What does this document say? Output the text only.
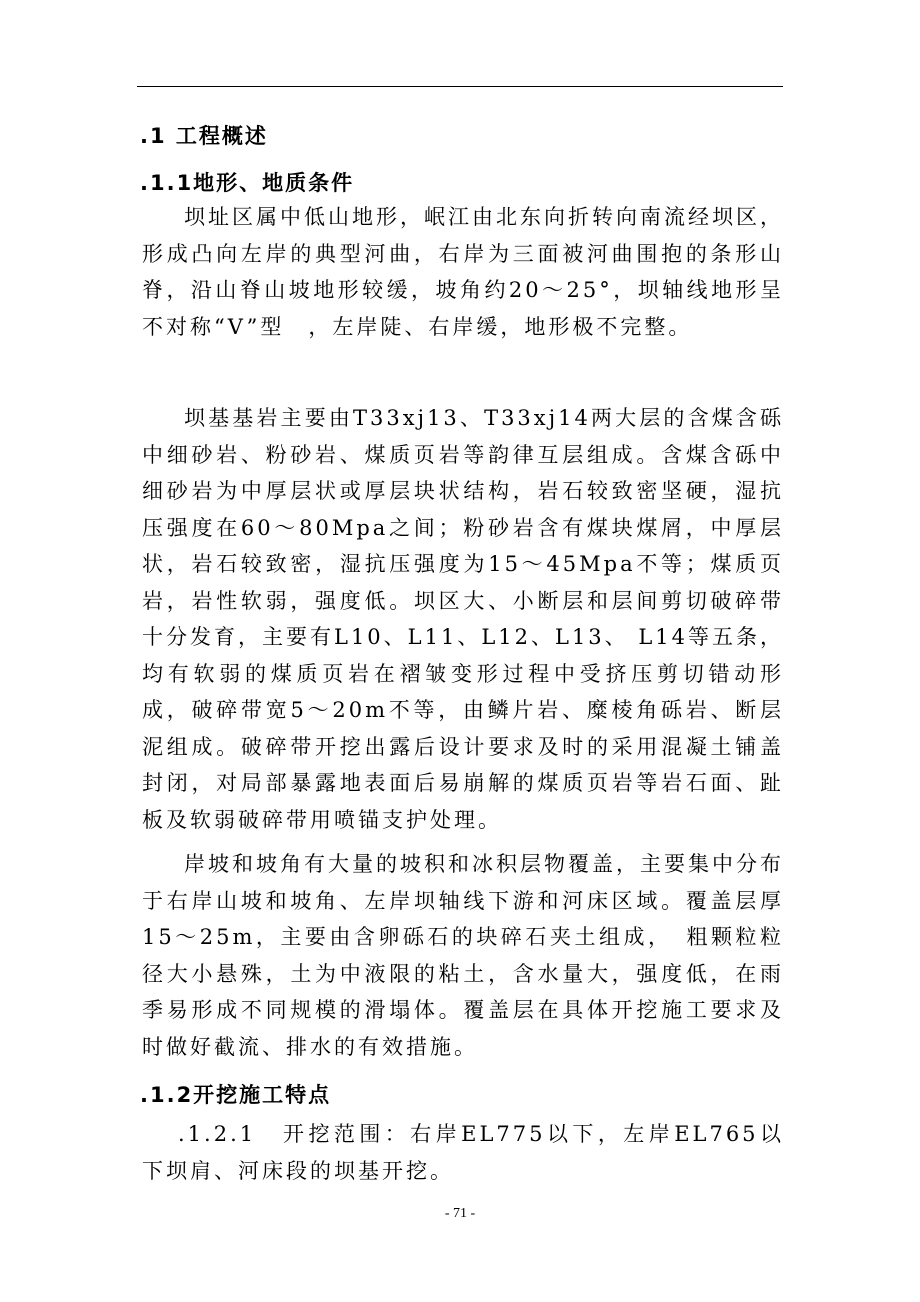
.1 工程概述
.1.1地形、地质条件

坝址区属中低山地形，岷江由北东向折转向南流经坝区，形成凸向左岸的典型河曲，右岸为三面被河曲围抱的条形山脊，沿山脊山坡地形较缓，坡角约20～25°，坝轴线地形呈不对称“V”型　，左岸陡、右岸缓，地形极不完整。

坝基基岩主要由T33xj13、T33xj14两大层的含煤含砾中细砂岩、粉砂岩、煤质页岩等韵律互层组成。含煤含砾中细砂岩为中厚层状或厚层块状结构，岩石较致密坚硬，湿抗压强度在60～80Mpa之间；粉砂岩含有煤块煤屑，中厚层状，岩石较致密，湿抗压强度为15～45Mpa不等；煤质页岩，岩性软弱，强度低。坝区大、小断层和层间剪切破碎带十分发育，主要有L10、L11、L12、L13、 L14等五条，均有软弱的煤质页岩在褶皱变形过程中受挤压剪切错动形成，破碎带宽5～20m不等，由鳞片岩、糜棱角砾岩、断层泥组成。破碎带开挖出露后设计要求及时的采用混凝土铺盖封闭，对局部暴露地表面后易崩解的煤质页岩等岩石面、趾板及软弱破碎带用喷锚支护处理。

岸坡和坡角有大量的坡积和冰积层物覆盖，主要集中分布于右岸山坡和坡角、左岸坝轴线下游和河床区域。覆盖层厚15～25m，主要由含卵砾石的块碎石夹土组成，　粗颗粒粒径大小悬殊，土为中液限的粘土，含水量大，强度低，在雨季易形成不同规模的滑塌体。覆盖层在具体开挖施工要求及时做好截流、排水的有效措施。

.1.2开挖施工特点

.1.2.1　开挖范围：右岸EL775以下，左岸EL765以下坝肩、河床段的坝基开挖。

- 71 -
